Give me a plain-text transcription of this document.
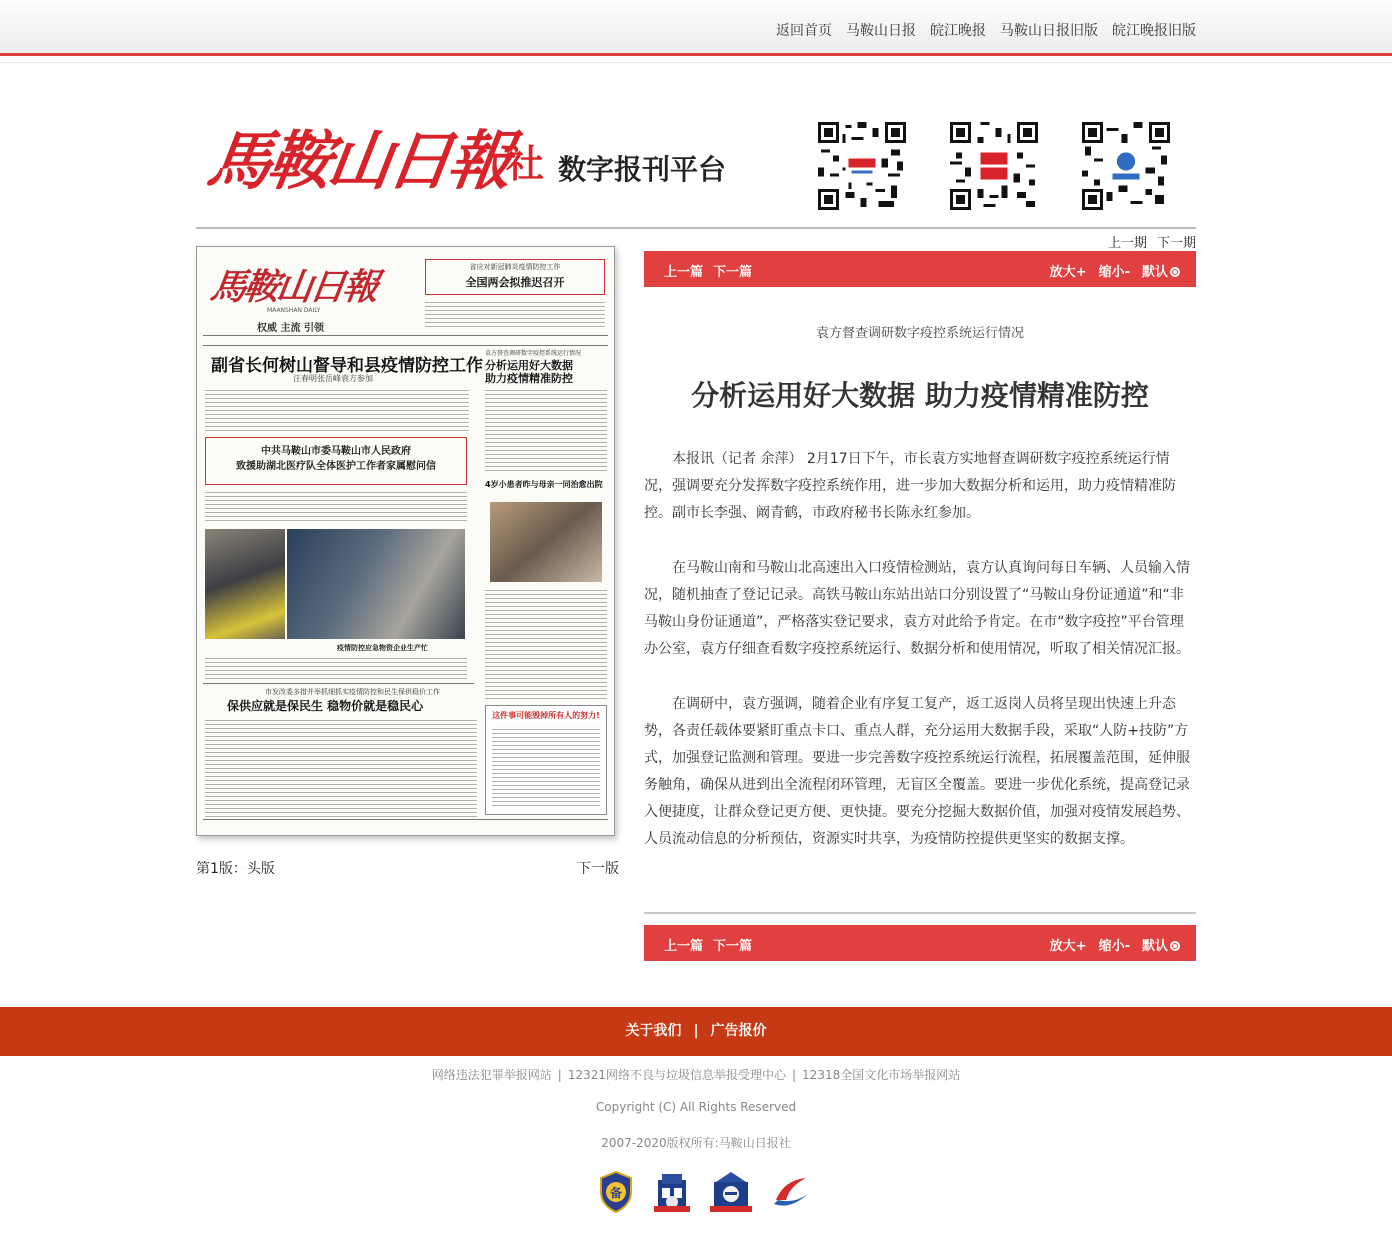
返回首页 马鞍山日报 皖江晚报 马鞍山日报旧版 皖江晚报旧版
馬鞍山日報
社 数字报刊平台
馬鞍山日報
MAANSHAN DAILY
权威 主流 引领
省应对新冠肺炎疫情防控工作
全国两会拟推迟召开
副省长何树山督导和县疫情防控工作
汪春明张岳峰袁方参加
袁方督查调研数字疫控系统运行情况
分析运用好大数据
助力疫情精准防控
中共马鞍山市委马鞍山市人民政府
致援助湖北医疗队全体医护工作者家属慰问信
4岁小患者昨与母亲一同治愈出院
疫情防控应急物资企业生产忙
市发改委多措并举抓细抓实疫情防控和民生保供稳价工作
保供应就是保民生 稳物价就是稳民心
这件事可能毁掉所有人的努力!
第1版：头版	下一版
上一期 下一期
上一篇 下一篇	放大+ 缩小- 默认
袁方督查调研数字疫控系统运行情况
分析运用好大数据 助力疫情精准防控

本报讯（记者 余萍） 2月17日下午，市长袁方实地督查调研数字疫控系统运行情况，强调要充分发挥数字疫控系统作用，进一步加大数据分析和运用，助力疫情精准防控。副市长李强、阚青鹤，市政府秘书长陈永红参加。

在马鞍山南和马鞍山北高速出入口疫情检测站，袁方认真询问每日车辆、人员输入情况，随机抽查了登记记录。高铁马鞍山东站出站口分别设置了“马鞍山身份证通道”和“非马鞍山身份证通道”，严格落实登记要求，袁方对此给予肯定。在市“数字疫控”平台管理办公室，袁方仔细查看数字疫控系统运行、数据分析和使用情况，听取了相关情况汇报。

在调研中，袁方强调，随着企业有序复工复产，返工返岗人员将呈现出快速上升态势，各责任载体要紧盯重点卡口、重点人群，充分运用大数据手段，采取“人防+技防”方式，加强登记监测和管理。要进一步完善数字疫控系统运行流程，拓展覆盖范围，延伸服务触角，确保从进到出全流程闭环管理，无盲区全覆盖。要进一步优化系统，提高登记录入便捷度，让群众登记更方便、更快捷。要充分挖掘大数据价值，加强对疫情发展趋势、人员流动信息的分析预估，资源实时共享，为疫情防控提供更坚实的数据支撑。

上一篇 下一篇	放大+ 缩小- 默认
关于我们 | 广告报价
网络违法犯罪举报网站 | 12321网络不良与垃圾信息举报受理中心 | 12318全国文化市场举报网站
Copyright (C) All Rights Reserved
2007-2020版权所有:马鞍山日报社
备
